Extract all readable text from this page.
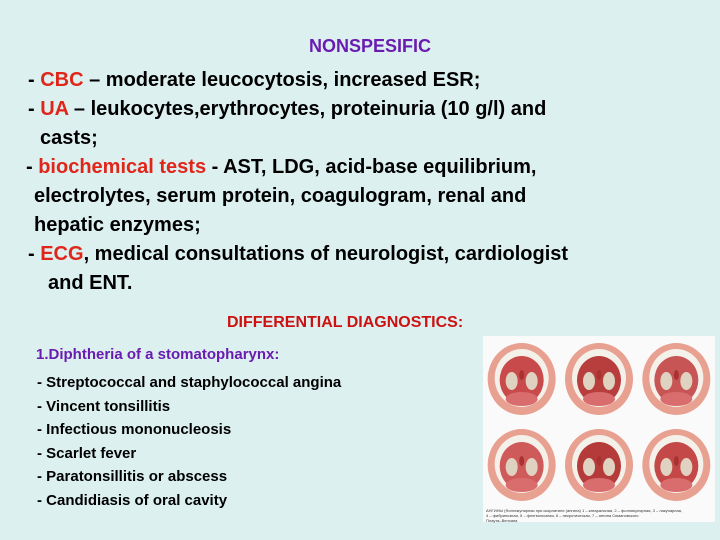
NONSPESIFIC
- CBC – moderate leucocytosis, increased ESR;
- UA – leukocytes,erythrocytes, proteinuria (10 g/l) and
casts;
- biochemical tests - AST, LDG, acid-base equilibrium,
electrolytes, serum protein, coagulogram, renal and
hepatic enzymes;
- ECG, medical consultations of neurologist, cardiologist
and ENT.
DIFFERENTIAL DIAGNOSTICS:
1.Diphtheria of a stomatopharynx:
- Streptococcal and staphylococcal angina
- Vincent tonsillitis
- Infectious mononucleosis
- Scarlet fever
- Paratonsillitis or abscess
- Candidiasis of oral cavity
АНГИНЫ (Фолликулярная при скарлатине (ангина) 1 – катаральная, 2 – фолликулярная, 3 – лакунарная,
4 – фибринозная, 5 – флегмонозная, 6 – некротическая, 7 – ангина Симановского
Плаута–Венсана
